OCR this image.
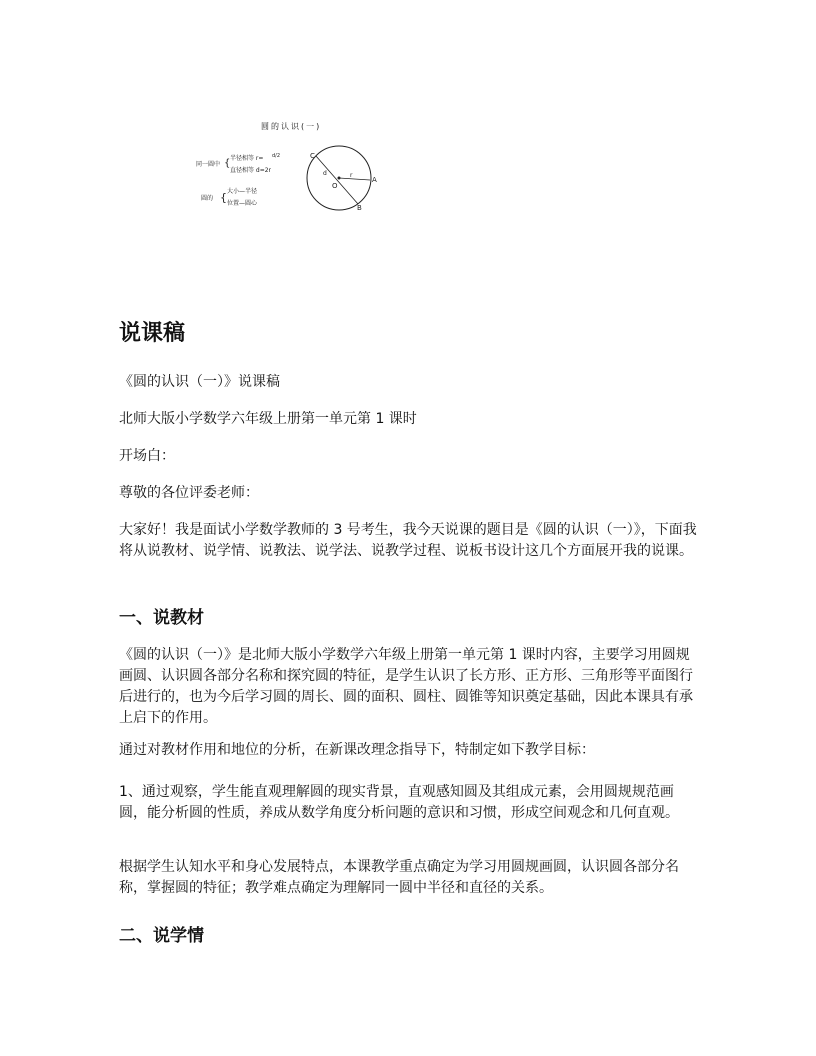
圆的认识(一)
同一圆中 { 半径相等 r= d/2
直径相等 d=2r
圆的 { 大小—半径
位置—圆心
C
A
B
O
d	r
说课稿

《圆的认识（一）》说课稿

北师大版小学数学六年级上册第一单元第 1 课时

开场白：

尊敬的各位评委老师：

大家好！我是面试小学数学教师的 3 号考生，我今天说课的题目是《圆的认识（一）》，下面我将从说教材、说学情、说教法、说学法、说教学过程、说板书设计这几个方面展开我的说课。

一、说教材

《圆的认识（一）》是北师大版小学数学六年级上册第一单元第 1 课时内容，主要学习用圆规画圆、认识圆各部分名称和探究圆的特征，是学生认识了长方形、正方形、三角形等平面图行后进行的，也为今后学习圆的周长、圆的面积、圆柱、圆锥等知识奠定基础，因此本课具有承上启下的作用。

通过对教材作用和地位的分析，在新课改理念指导下，特制定如下教学目标：

1、通过观察，学生能直观理解圆的现实背景，直观感知圆及其组成元素，会用圆规规范画圆，能分析圆的性质，养成从数学角度分析问题的意识和习惯，形成空间观念和几何直观。

根据学生认知水平和身心发展特点，本课教学重点确定为学习用圆规画圆，认识圆各部分名称，掌握圆的特征；教学难点确定为理解同一圆中半径和直径的关系。

二、说学情
